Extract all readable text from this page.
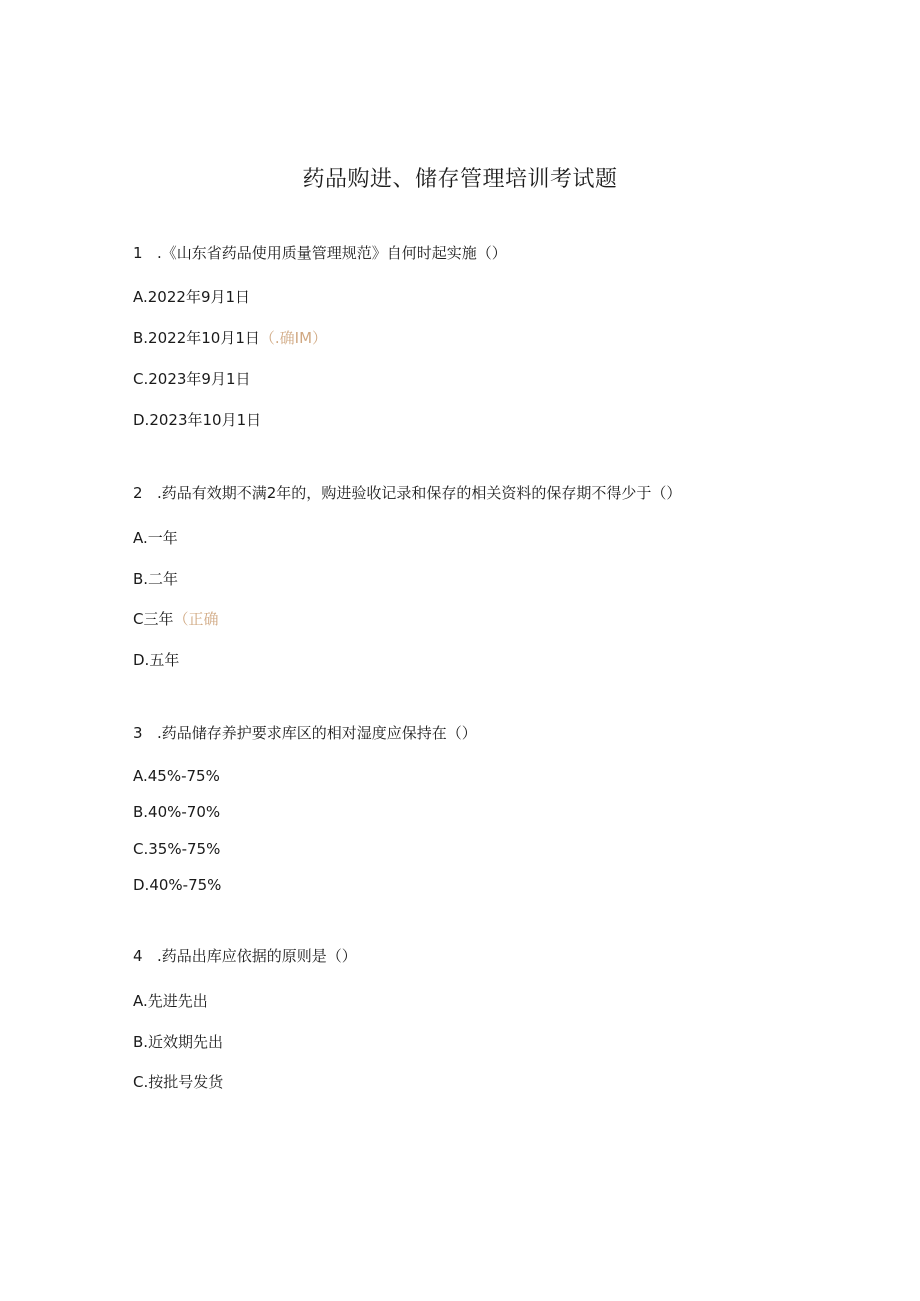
药品购进、储存管理培训考试题
1 .《山东省药品使用质量管理规范》自何时起实施（）
A.2022年9月1日
B.2022年10月1日（.确IM）
C.2023年9月1日
D.2023年10月1日
2 .药品有效期不满2年的，购进验收记录和保存的相关资料的保存期不得少于（）
A.一年
B.二年
C三年（正确
D.五年
3 .药品储存养护要求库区的相对湿度应保持在（）
A.45%-75%
B.40%-70%
C.35%-75%
D.40%-75%
4 .药品出库应依据的原则是（）
A.先进先出
B.近效期先出
C.按批号发货
